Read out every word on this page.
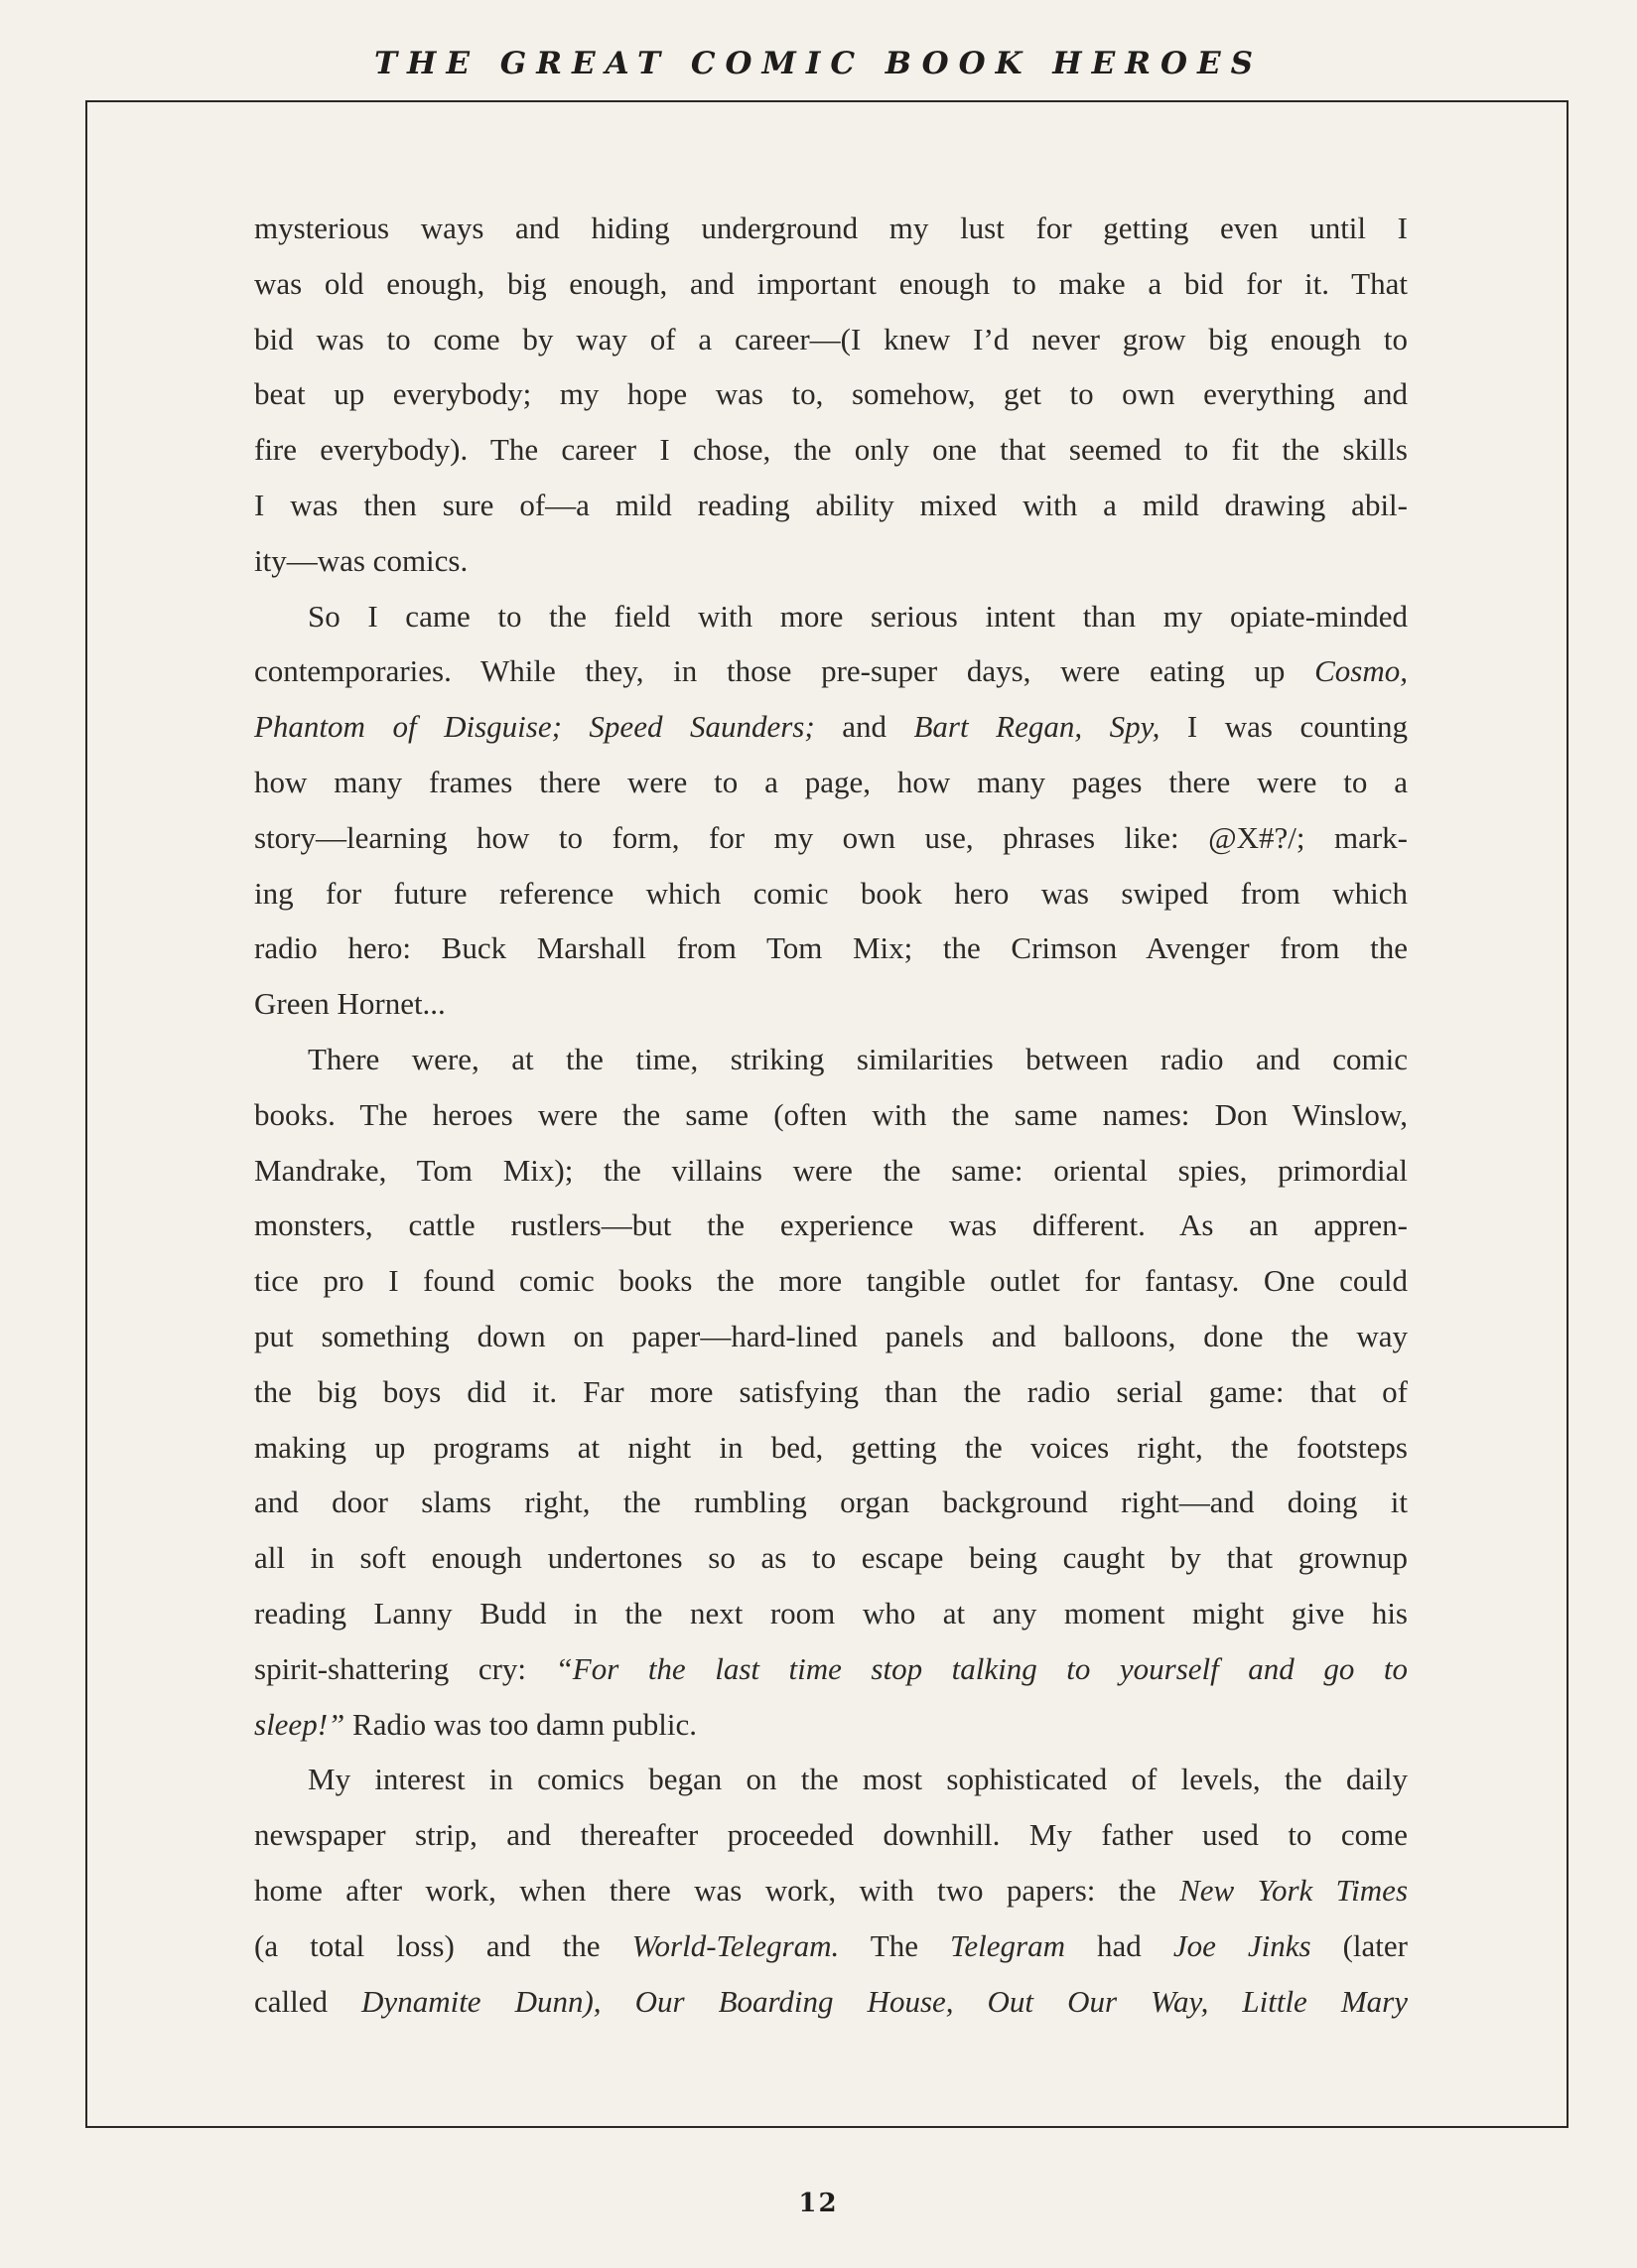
THE GREAT COMIC BOOK HEROES
mysterious ways and hiding underground my lust for getting even until I
was old enough, big enough, and important enough to make a bid for it. That
bid was to come by way of a career—(I knew I’d never grow big enough to
beat up everybody; my hope was to, somehow, get to own everything and
fire everybody). The career I chose, the only one that seemed to fit the skills
I was then sure of—a mild reading ability mixed with a mild drawing abil-
ity—was comics.
So I came to the field with more serious intent than my opiate-minded
contemporaries. While they, in those pre-super days, were eating up Cosmo,
Phantom of Disguise; Speed Saunders; and Bart Regan, Spy, I was counting
how many frames there were to a page, how many pages there were to a
story—learning how to form, for my own use, phrases like: @X#?/; mark-
ing for future reference which comic book hero was swiped from which
radio hero: Buck Marshall from Tom Mix; the Crimson Avenger from the
Green Hornet...
There were, at the time, striking similarities between radio and comic
books. The heroes were the same (often with the same names: Don Winslow,
Mandrake, Tom Mix); the villains were the same: oriental spies, primordial
monsters, cattle rustlers—but the experience was different. As an appren-
tice pro I found comic books the more tangible outlet for fantasy. One could
put something down on paper—hard-lined panels and balloons, done the way
the big boys did it. Far more satisfying than the radio serial game: that of
making up programs at night in bed, getting the voices right, the footsteps
and door slams right, the rumbling organ background right—and doing it
all in soft enough undertones so as to escape being caught by that grownup
reading Lanny Budd in the next room who at any moment might give his
spirit-shattering cry: “For the last time stop talking to yourself and go to
sleep!” Radio was too damn public.
My interest in comics began on the most sophisticated of levels, the daily
newspaper strip, and thereafter proceeded downhill. My father used to come
home after work, when there was work, with two papers: the New York Times
(a total loss) and the World-Telegram. The Telegram had Joe Jinks (later
called Dynamite Dunn), Our Boarding House, Out Our Way, Little Mary
12
